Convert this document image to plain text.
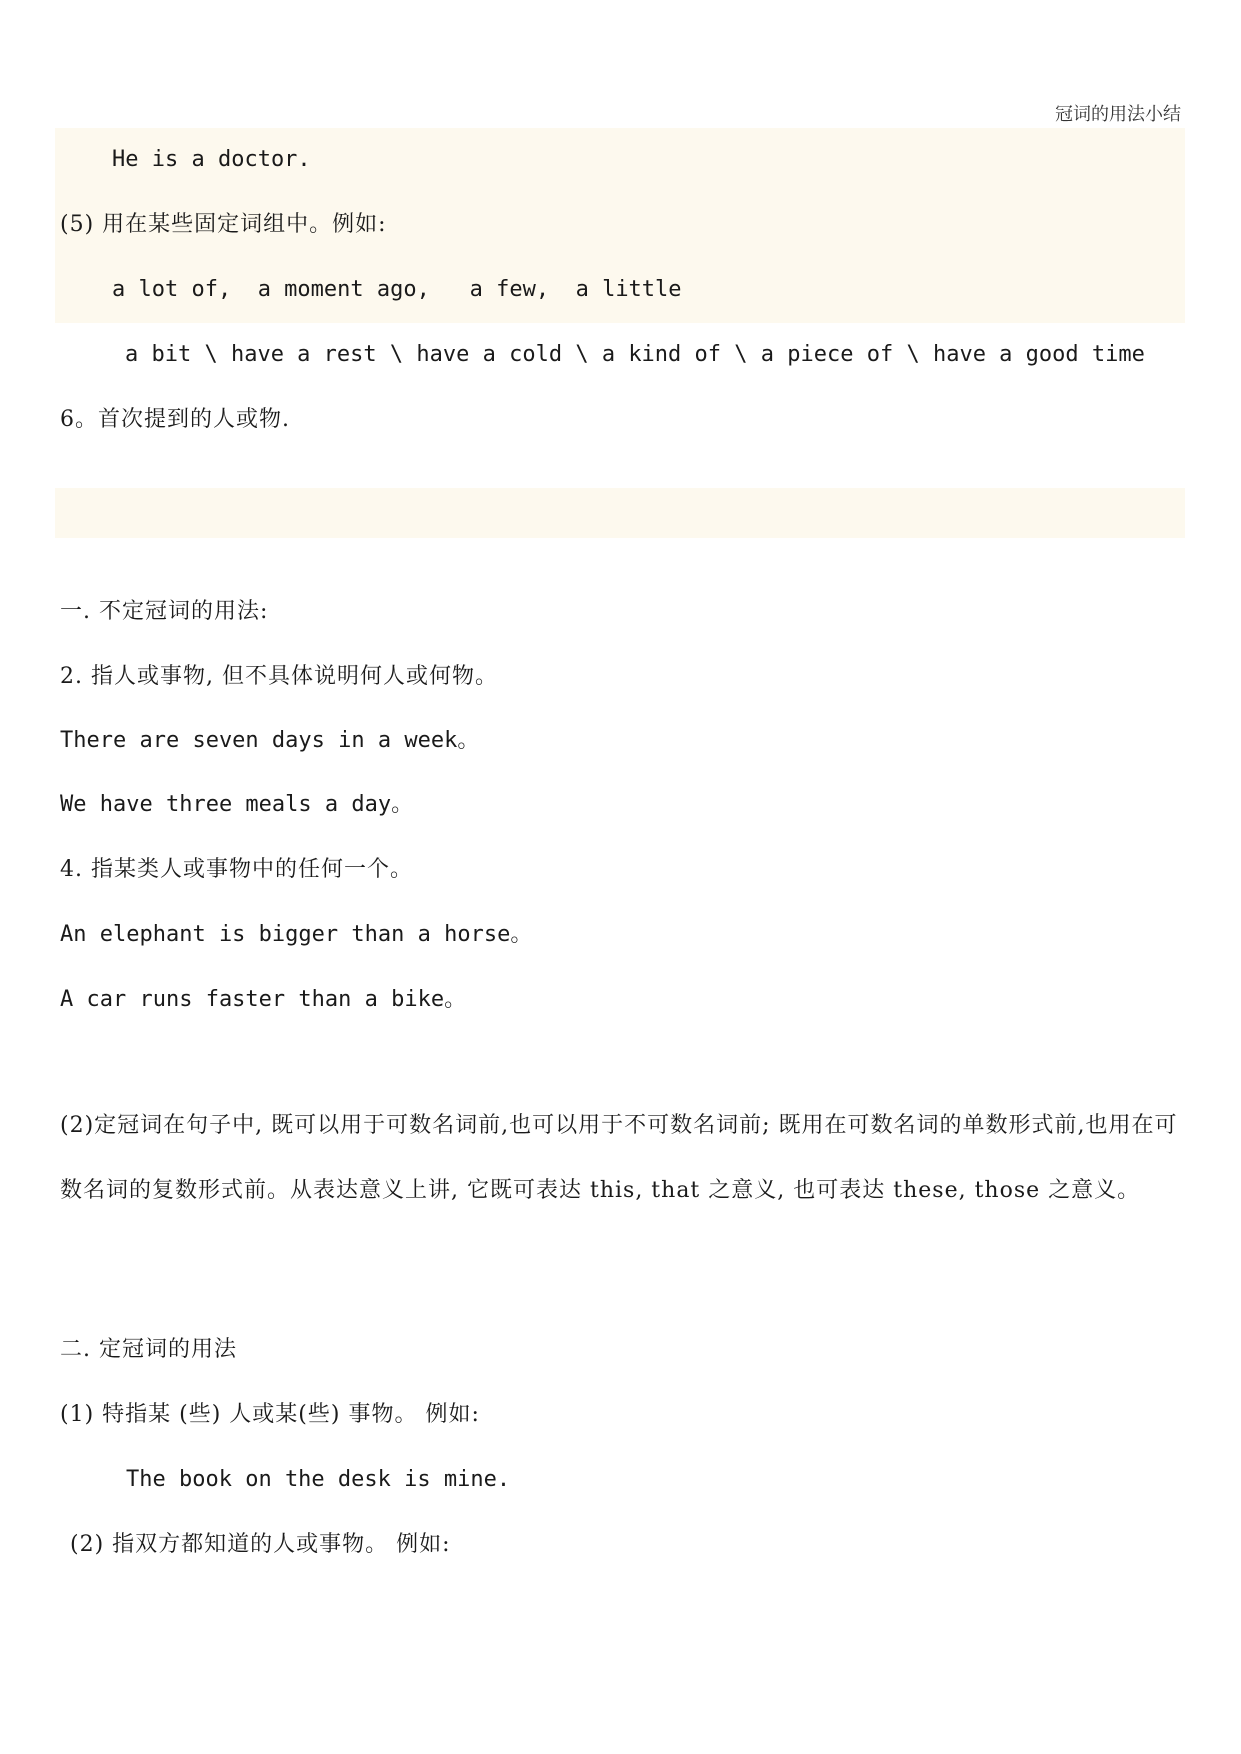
冠词的用法小结
He is a doctor.
(5) 用在某些固定词组中。例如:
a lot of,  a moment ago,   a few,  a little
a bit \ have a rest \ have a cold \ a kind of \ a piece of \ have a good time
6。首次提到的人或物.
一. 不定冠词的用法:
2. 指人或事物, 但不具体说明何人或何物。
There are seven days in a week。
We have three meals a day。
4. 指某类人或事物中的任何一个。
An elephant is bigger than a horse。
A car runs faster than a bike。
(2)定冠词在句子中, 既可以用于可数名词前,也可以用于不可数名词前; 既用在可数名词的单数形式前,也用在可数名词的复数形式前。从表达意义上讲, 它既可表达 this, that 之意义, 也可表达 these, those 之意义。
二. 定冠词的用法
(1) 特指某 (些) 人或某(些) 事物。 例如:
The book on the desk is mine.
(2) 指双方都知道的人或事物。 例如:
